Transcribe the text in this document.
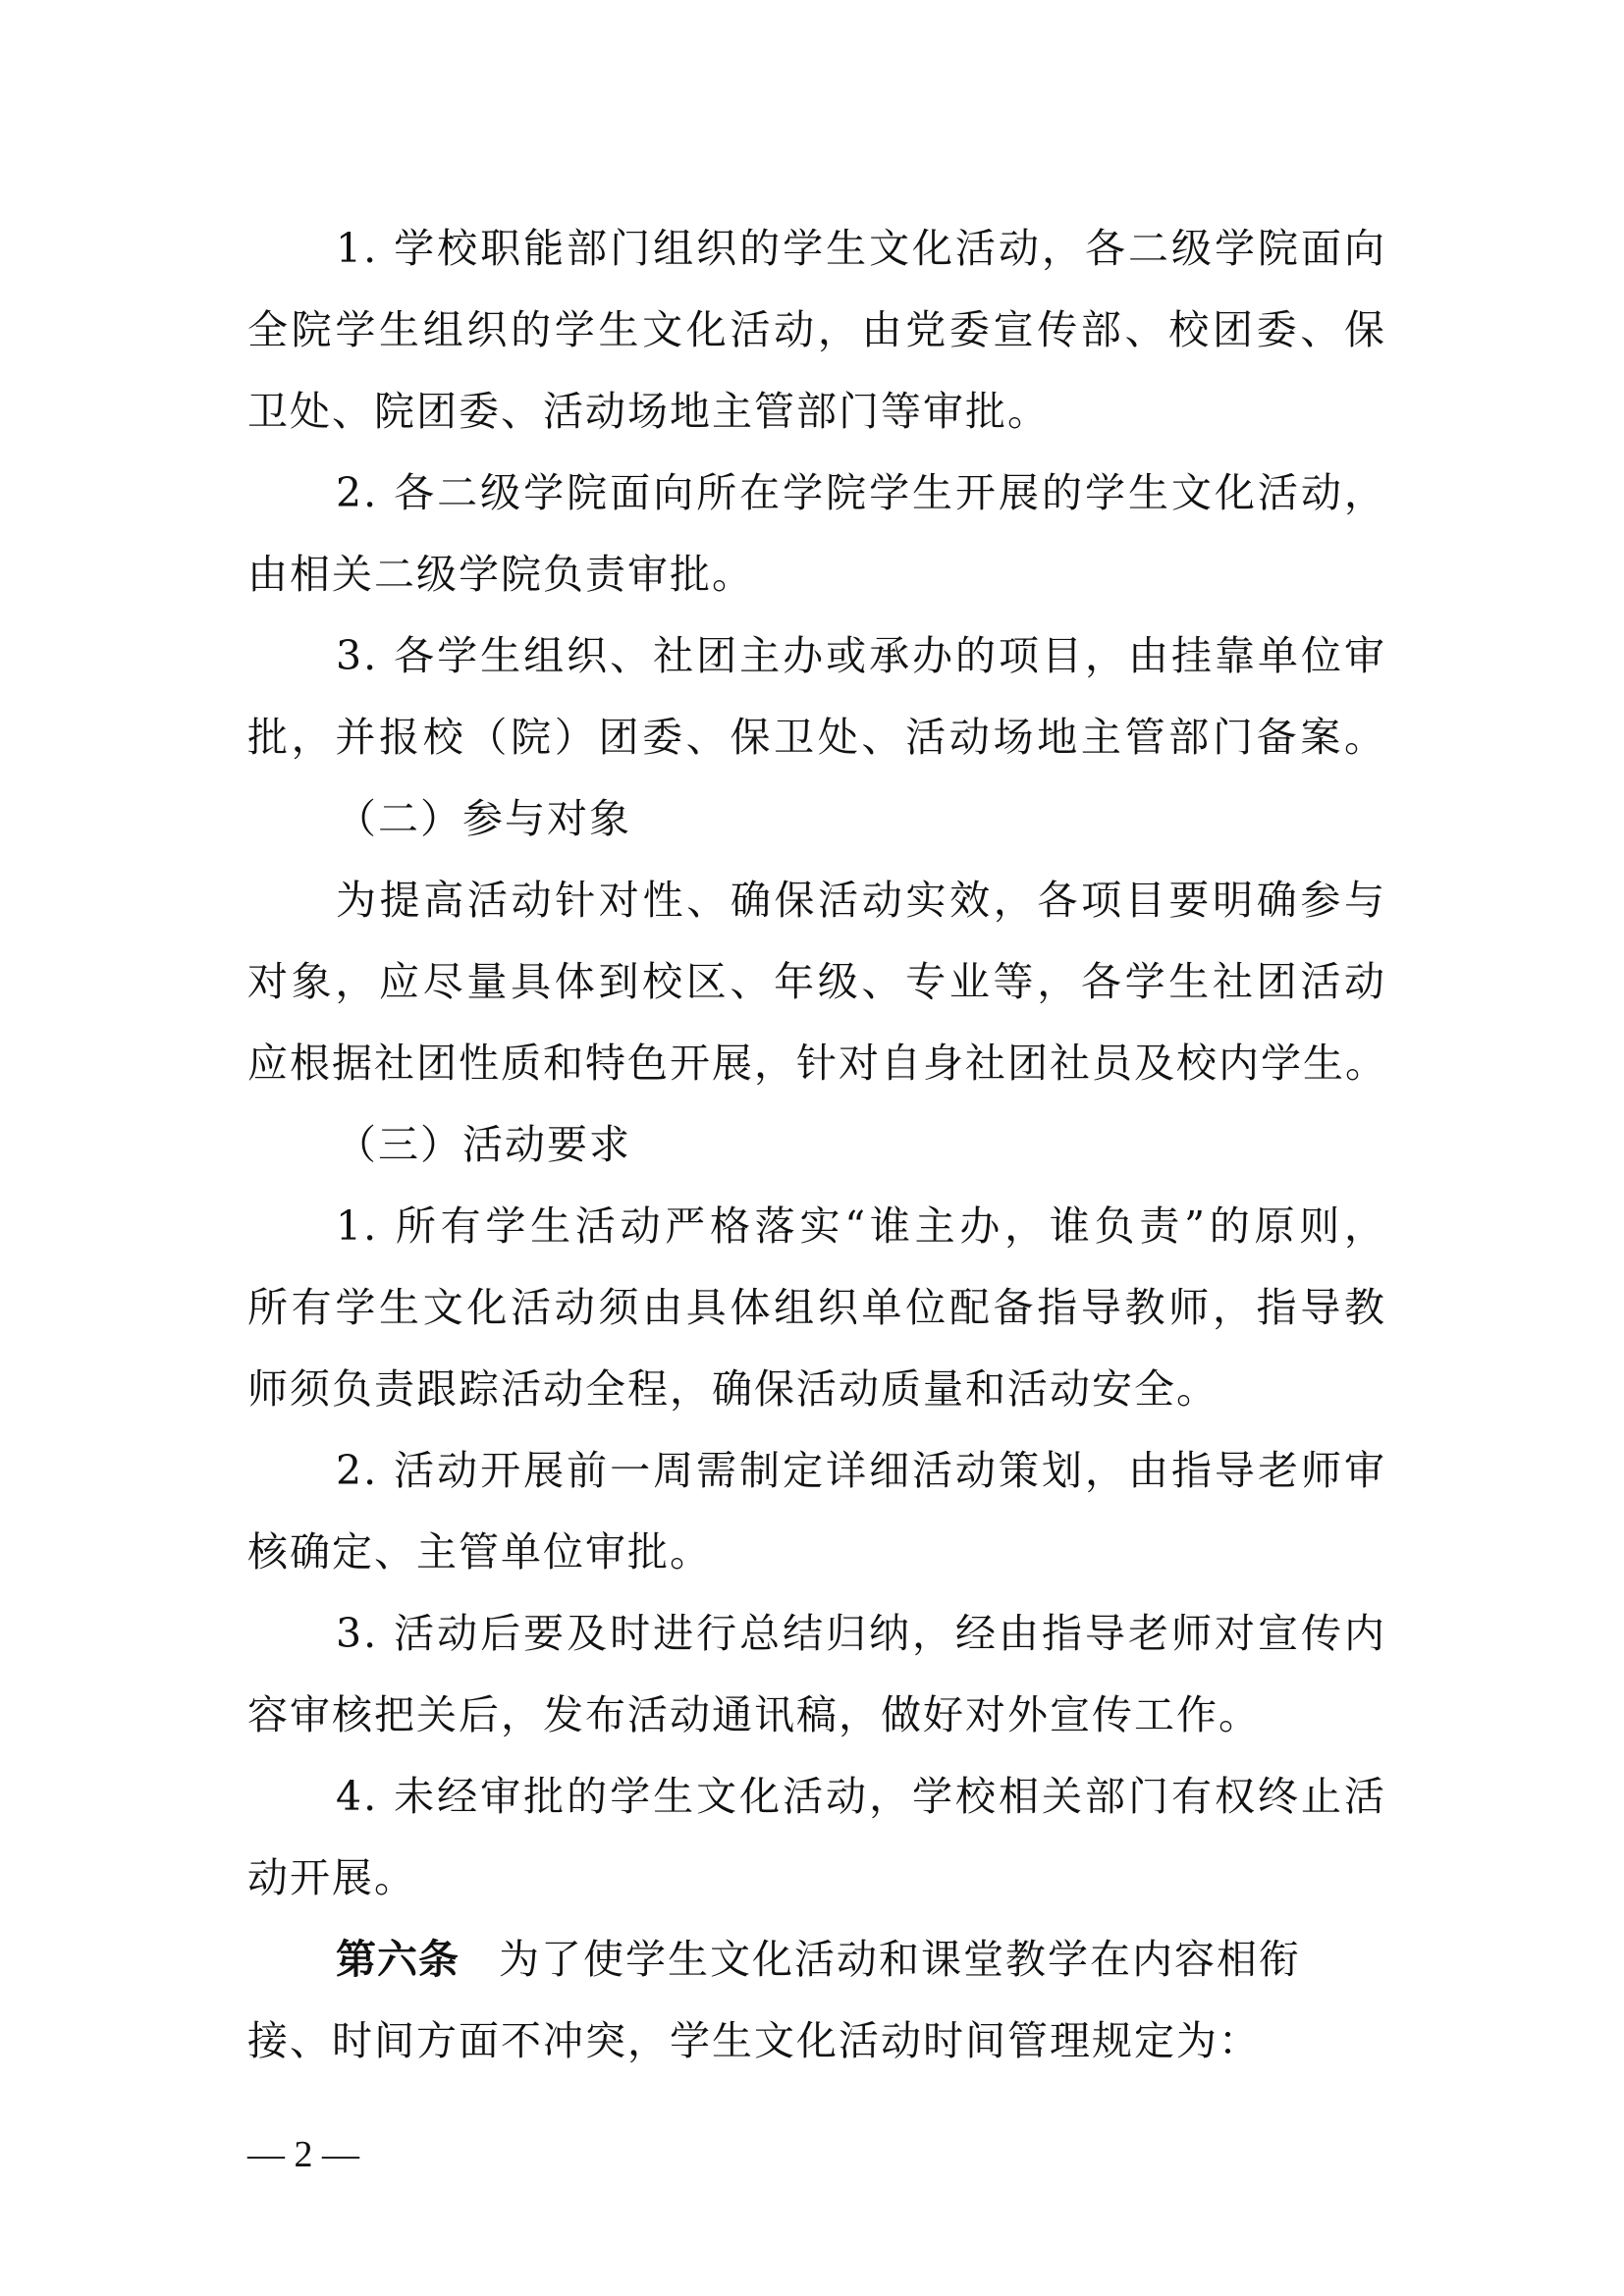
1. 学校职能部门组织的学生文化活动，各二级学院面向
全院学生组织的学生文化活动，由党委宣传部、校团委、保
卫处、院团委、活动场地主管部门等审批。
2. 各二级学院面向所在学院学生开展的学生文化活动，
由相关二级学院负责审批。
3. 各学生组织、社团主办或承办的项目，由挂靠单位审
批，并报校（院）团委、保卫处、活动场地主管部门备案。
（二）参与对象
为提高活动针对性、确保活动实效，各项目要明确参与
对象，应尽量具体到校区、年级、专业等，各学生社团活动
应根据社团性质和特色开展，针对自身社团社员及校内学生。
（三）活动要求
1. 所有学生活动严格落实“谁主办，谁负责”的原则，
所有学生文化活动须由具体组织单位配备指导教师，指导教
师须负责跟踪活动全程，确保活动质量和活动安全。
2. 活动开展前一周需制定详细活动策划，由指导老师审
核确定、主管单位审批。
3. 活动后要及时进行总结归纳，经由指导老师对宣传内
容审核把关后，发布活动通讯稿，做好对外宣传工作。
4. 未经审批的学生文化活动，学校相关部门有权终止活
动开展。
第六条 为了使学生文化活动和课堂教学在内容相衔
接、时间方面不冲突，学生文化活动时间管理规定为：
— 2 —
